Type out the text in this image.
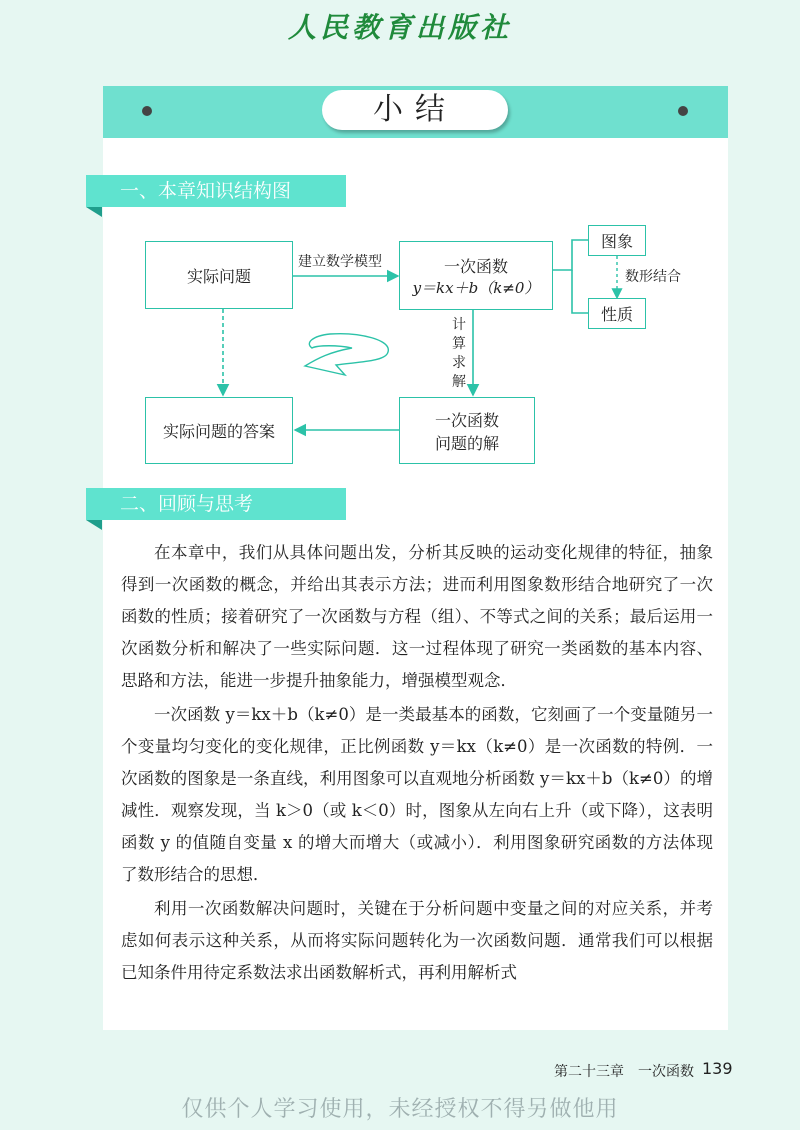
人民教育出版社
小结
一、本章知识结构图
实际问题
建立数学模型	一次函数
y＝kx＋b（k≠0）
图象
性质
数形结合
计算求解
一次函数
问题的解
实际问题的答案
二、回顾与思考

在本章中，我们从具体问题出发，分析其反映的运动变化规律的特征，抽象得到一次函数的概念，并给出其表示方法；进而利用图象数形结合地研究了一次函数的性质；接着研究了一次函数与方程（组）、不等式之间的关系；最后运用一次函数分析和解决了一些实际问题．这一过程体现了研究一类函数的基本内容、思路和方法，能进一步提升抽象能力，增强模型观念．

一次函数 y＝kx＋b（k≠0）是一类最基本的函数，它刻画了一个变量随另一个变量均匀变化的变化规律，正比例函数 y＝kx（k≠0）是一次函数的特例．一次函数的图象是一条直线，利用图象可以直观地分析函数 y＝kx＋b（k≠0）的增减性．观察发现，当 k＞0（或 k＜0）时，图象从左向右上升（或下降），这表明函数 y 的值随自变量 x 的增大而增大（或减小）．利用图象研究函数的方法体现了数形结合的思想．

利用一次函数解决问题时，关键在于分析问题中变量之间的对应关系，并考虑如何表示这种关系，从而将实际问题转化为一次函数问题．通常我们可以根据已知条件用待定系数法求出函数解析式，再利用解析式

第二十三章　一次函数 139
仅供个人学习使用，未经授权不得另做他用
